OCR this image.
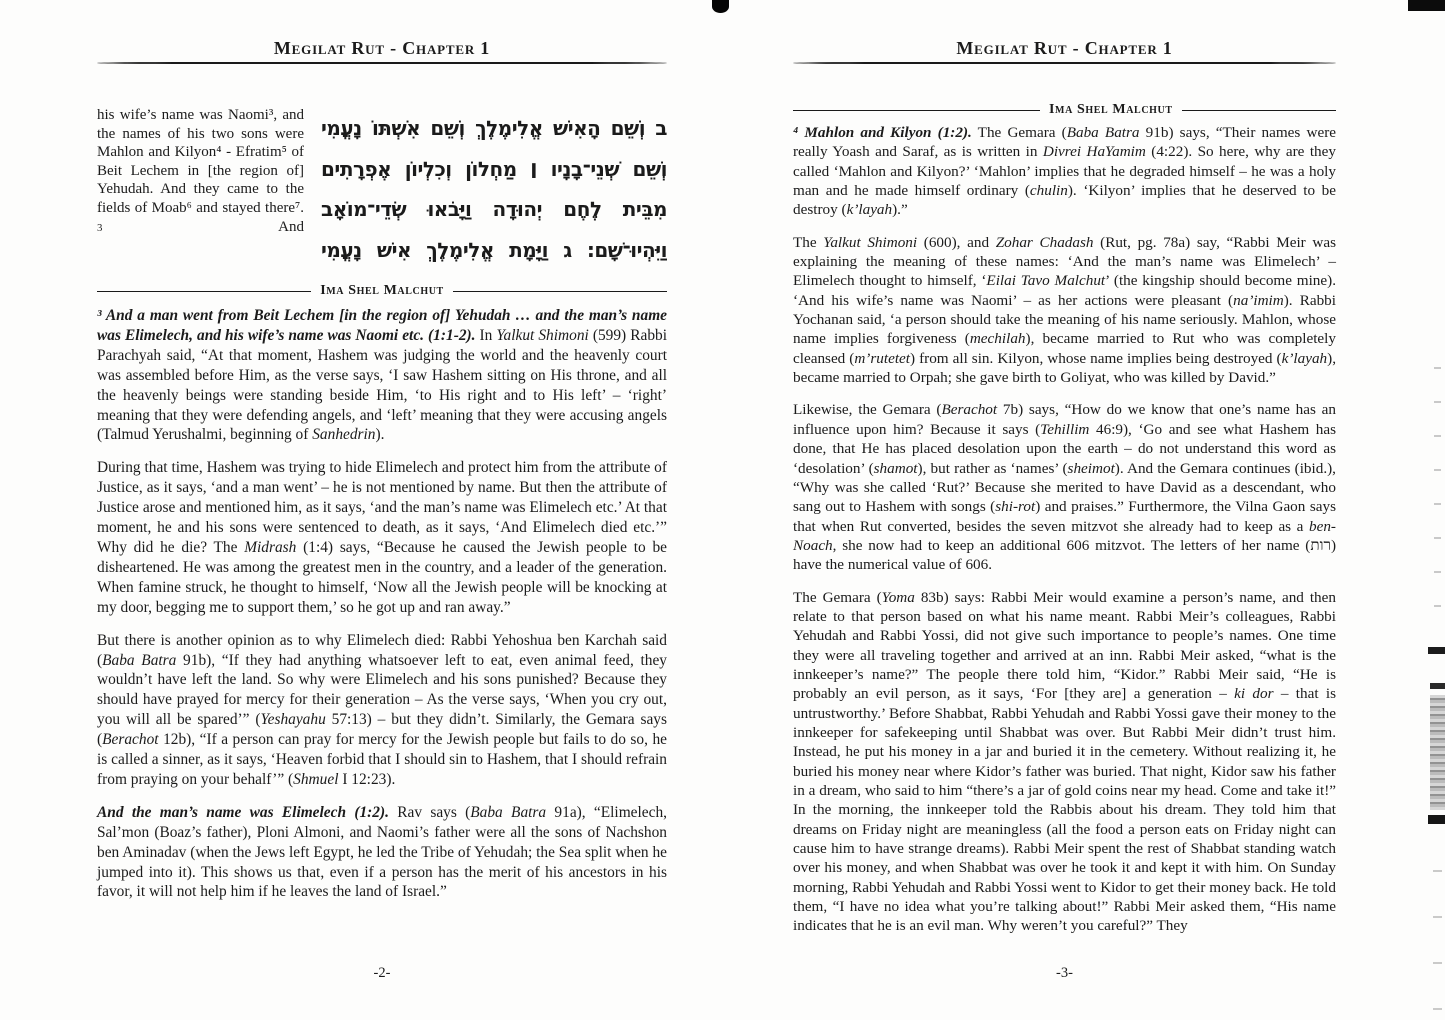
Megilat Rut - Chapter 1
his wife’s name was Naomi³, and the names of his two sons were Mahlon and Kilyon⁴ - Efratim⁵ of Beit Lechem in [the region of] Yehudah. And they came to the fields of Moab⁶ and stayed there⁷. 3 And
ב וְשֵׁם הָאִישׁ אֱלִימֶלֶךְ וְשֵׁם אִשְׁתּוֹ נָעֳמִי
וְשֵׁם שְׁנֵי־בָנָיו ׀ מַחְלוֹן וְכִלְיוֹן אֶפְרָתִים
מִבֵּית לֶחֶם יְהוּדָה וַיָּבֹאוּ שְׂדֵי־מוֹאָב
וַיִּהְיוּ־שָׁם: ג וַיָּמָת אֱלִימֶלֶךְ אִישׁ נָעֳמִי
Ima Shel Malchut

³ And a man went from Beit Lechem [in the region of] Yehudah … and the man’s name was Elimelech, and his wife’s name was Naomi etc. (1:1-2). In Yalkut Shimoni (599) Rabbi Parachyah said, “At that moment, Hashem was judging the world and the heavenly court was assembled before Him, as the verse says, ‘I saw Hashem sitting on His throne, and all the heavenly beings were standing beside Him, ‘to His right and to His left’ – ‘right’ meaning that they were defending angels, and ‘left’ meaning that they were accusing angels (Talmud Yerushalmi, beginning of Sanhedrin).

During that time, Hashem was trying to hide Elimelech and protect him from the attribute of Justice, as it says, ‘and a man went’ – he is not mentioned by name. But then the attribute of Justice arose and mentioned him, as it says, ‘and the man’s name was Elimelech etc.’ At that moment, he and his sons were sentenced to death, as it says, ‘And Elimelech died etc.’” Why did he die? The Midrash (1:4) says, “Because he caused the Jewish people to be disheartened. He was among the greatest men in the country, and a leader of the generation. When famine struck, he thought to himself, ‘Now all the Jewish people will be knocking at my door, begging me to support them,’ so he got up and ran away.”

But there is another opinion as to why Elimelech died: Rabbi Yehoshua ben Karchah said (Baba Batra 91b), “If they had anything whatsoever left to eat, even animal feed, they wouldn’t have left the land. So why were Elimelech and his sons punished? Because they should have prayed for mercy for their generation – As the verse says, ‘When you cry out, you will all be spared’” (Yeshayahu 57:13) – but they didn’t. Similarly, the Gemara says (Berachot 12b), “If a person can pray for mercy for the Jewish people but fails to do so, he is called a sinner, as it says, ‘Heaven forbid that I should sin to Hashem, that I should refrain from praying on your behalf’” (Shmuel I 12:23).

And the man’s name was Elimelech (1:2). Rav says (Baba Batra 91a), “Elimelech, Sal’mon (Boaz’s father), Ploni Almoni, and Naomi’s father were all the sons of Nachshon ben Aminadav (when the Jews left Egypt, he led the Tribe of Yehudah; the Sea split when he jumped into it). This shows us that, even if a person has the merit of his ancestors in his favor, it will not help him if he leaves the land of Israel.”

-2-
Megilat Rut - Chapter 1
Ima Shel Malchut

⁴ Mahlon and Kilyon (1:2). The Gemara (Baba Batra 91b) says, “Their names were really Yoash and Saraf, as is written in Divrei HaYamim (4:22). So here, why are they called ‘Mahlon and Kilyon?’ ‘Mahlon’ implies that he degraded himself – he was a holy man and he made himself ordinary (chulin). ‘Kilyon’ implies that he deserved to be destroy (k’layah).”

The Yalkut Shimoni (600), and Zohar Chadash (Rut, pg. 78a) say, “Rabbi Meir was explaining the meaning of these names: ‘And the man’s name was Elimelech’ – Elimelech thought to himself, ‘Eilai Tavo Malchut’ (the kingship should become mine). ‘And his wife’s name was Naomi’ – as her actions were pleasant (na’imim). Rabbi Yochanan said, ‘a person should take the meaning of his name seriously. Mahlon, whose name implies forgiveness (mechilah), became married to Rut who was completely cleansed (m’rutetet) from all sin. Kilyon, whose name implies being destroyed (k’layah), became married to Orpah; she gave birth to Goliyat, who was killed by David.”

Likewise, the Gemara (Berachot 7b) says, “How do we know that one’s name has an influence upon him? Because it says (Tehillim 46:9), ‘Go and see what Hashem has done, that He has placed desolation upon the earth – do not understand this word as ‘desolation’ (shamot), but rather as ‘names’ (sheimot). And the Gemara continues (ibid.), “Why was she called ‘Rut?’ Because she merited to have David as a descendant, who sang out to Hashem with songs (shi-rot) and praises.” Furthermore, the Vilna Gaon says that when Rut converted, besides the seven mitzvot she already had to keep as a ben-Noach, she now had to keep an additional 606 mitzvot. The letters of her name (רות) have the numerical value of 606.

The Gemara (Yoma 83b) says: Rabbi Meir would examine a person’s name, and then relate to that person based on what his name meant. Rabbi Meir’s colleagues, Rabbi Yehudah and Rabbi Yossi, did not give such importance to people’s names. One time they were all traveling together and arrived at an inn. Rabbi Meir asked, “what is the innkeeper’s name?” The people there told him, “Kidor.” Rabbi Meir said, “He is probably an evil person, as it says, ‘For [they are] a generation – ki dor – that is untrustworthy.’ Before Shabbat, Rabbi Yehudah and Rabbi Yossi gave their money to the innkeeper for safekeeping until Shabbat was over. But Rabbi Meir didn’t trust him. Instead, he put his money in a jar and buried it in the cemetery. Without realizing it, he buried his money near where Kidor’s father was buried. That night, Kidor saw his father in a dream, who said to him “there’s a jar of gold coins near my head. Come and take it!” In the morning, the innkeeper told the Rabbis about his dream. They told him that dreams on Friday night are meaningless (all the food a person eats on Friday night can cause him to have strange dreams). Rabbi Meir spent the rest of Shabbat standing watch over his money, and when Shabbat was over he took it and kept it with him. On Sunday morning, Rabbi Yehudah and Rabbi Yossi went to Kidor to get their money back. He told them, “I have no idea what you’re talking about!” Rabbi Meir asked them, “His name indicates that he is an evil man. Why weren’t you careful?” They

-3-
